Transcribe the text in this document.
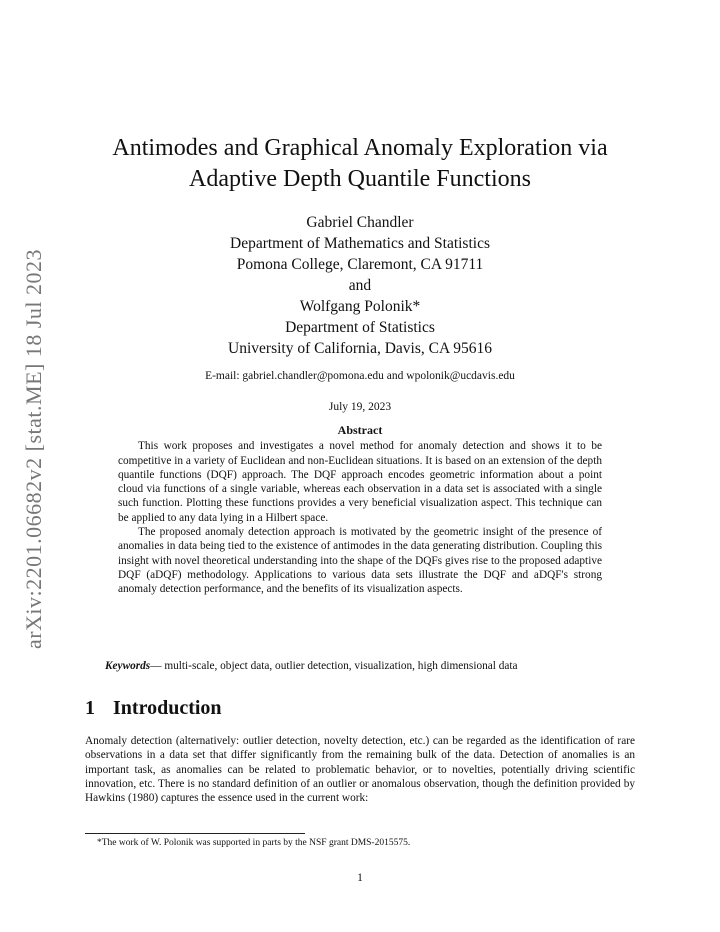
arXiv:2201.06682v2 [stat.ME] 18 Jul 2023
Antimodes and Graphical Anomaly Exploration via
Adaptive Depth Quantile Functions
Gabriel Chandler
Department of Mathematics and Statistics
Pomona College, Claremont, CA 91711
and
Wolfgang Polonik*
Department of Statistics
University of California, Davis, CA 95616
E-mail: gabriel.chandler@pomona.edu and wpolonik@ucdavis.edu
July 19, 2023
Abstract

This work proposes and investigates a novel method for anomaly detection and shows it to be competitive in a variety of Euclidean and non-Euclidean situations. It is based on an extension of the depth quantile functions (DQF) approach. The DQF approach encodes geometric information about a point cloud via functions of a single variable, whereas each observation in a data set is associated with a single such function. Plotting these functions provides a very beneficial visualization aspect. This technique can be applied to any data lying in a Hilbert space.

The proposed anomaly detection approach is motivated by the geometric insight of the presence of anomalies in data being tied to the existence of antimodes in the data generating distribution. Coupling this insight with novel theoretical understanding into the shape of the DQFs gives rise to the proposed adaptive DQF (aDQF) methodology. Applications to various data sets illustrate the DQF and aDQF's strong anomaly detection performance, and the benefits of its visualization aspects.

Keywords— multi-scale, object data, outlier detection, visualization, high dimensional data
1 Introduction

Anomaly detection (alternatively: outlier detection, novelty detection, etc.) can be regarded as the identification of rare observations in a data set that differ significantly from the remaining bulk of the data. Detection of anomalies is an important task, as anomalies can be related to problematic behavior, or to novelties, potentially driving scientific innovation, etc. There is no standard definition of an outlier or anomalous observation, though the definition provided by Hawkins (1980) captures the essence used in the current work:

*The work of W. Polonik was supported in parts by the NSF grant DMS-2015575.
1
